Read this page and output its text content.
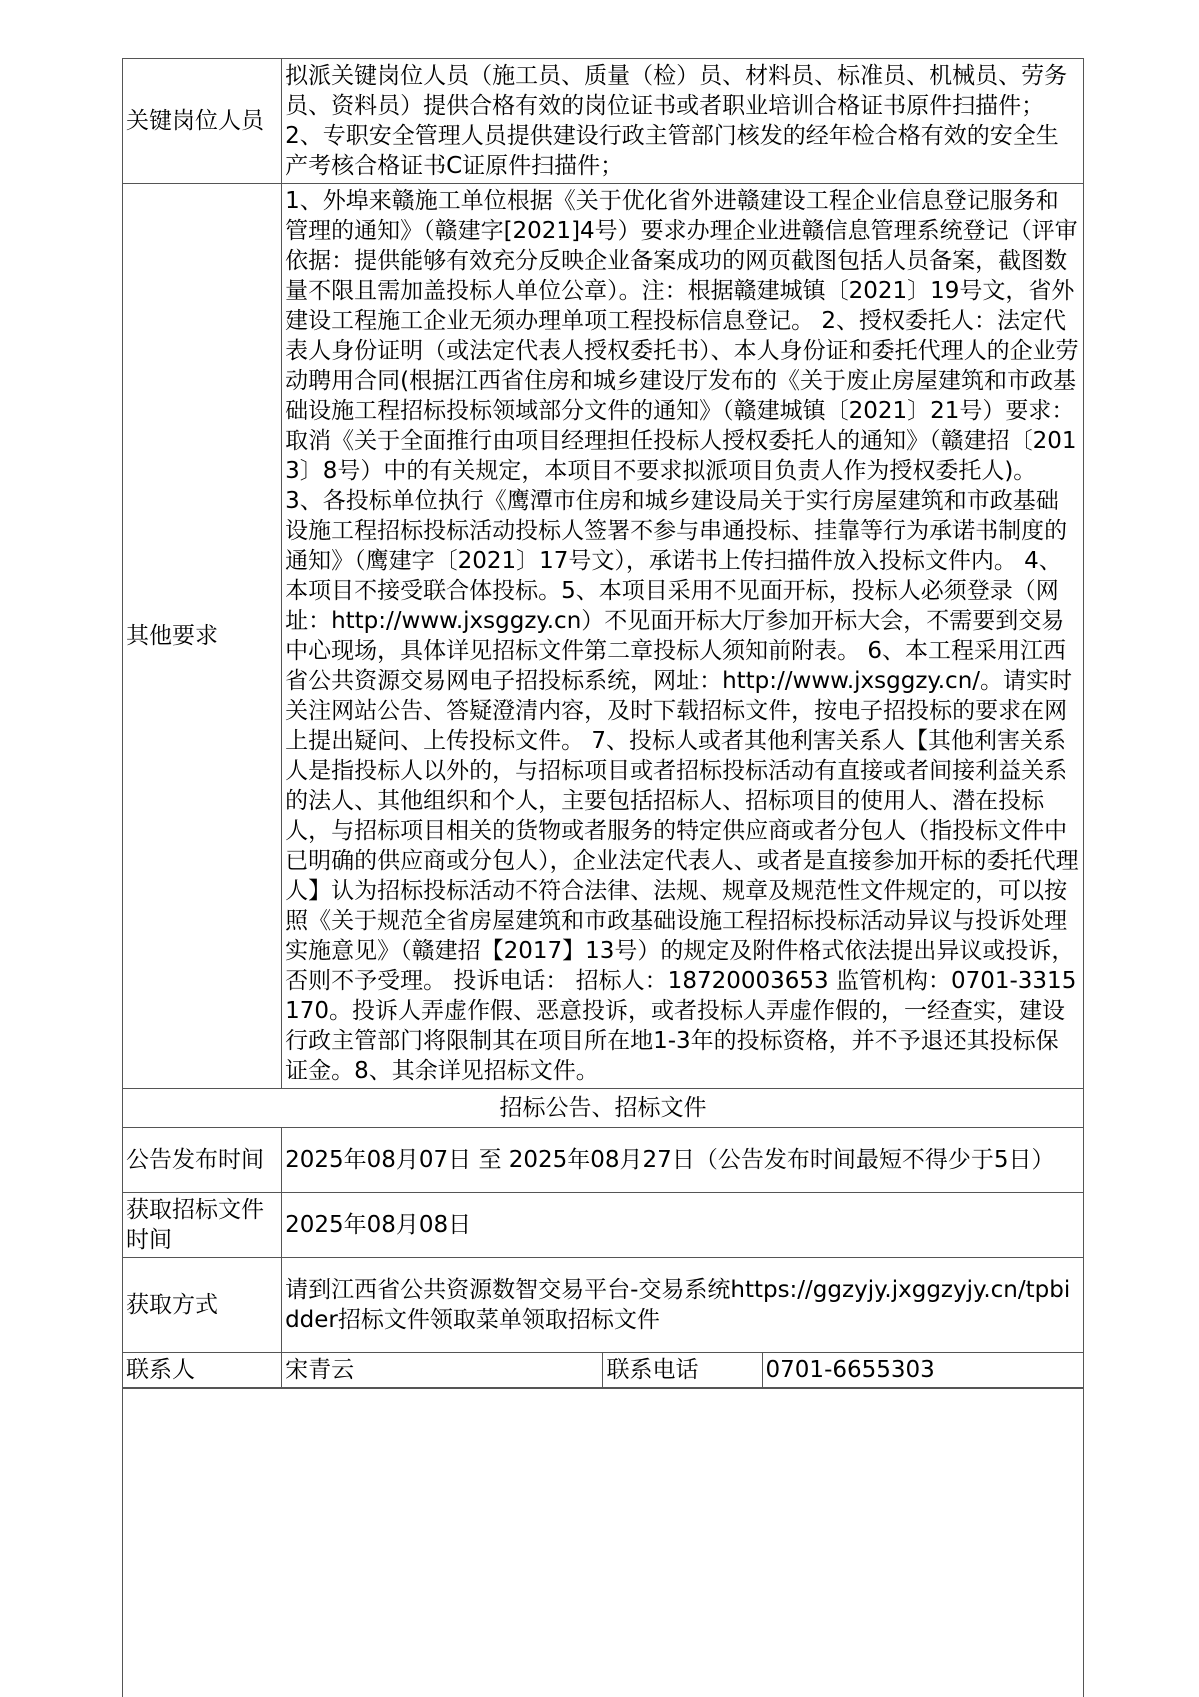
关键岗位人员	拟派关键岗位人员（施工员、质量（检）员、材料员、标准员、机械员、劳务员、资料员）提供合格有效的岗位证书或者职业培训合格证书原件扫描件；2、专职安全管理人员提供建设行政主管部门核发的经年检合格有效的安全生产考核合格证书C证原件扫描件；		
其他要求	1、外埠来赣施工单位根据《关于优化省外进赣建设工程企业信息登记服务和管理的通知》（赣建字[2021]4号）要求办理企业进赣信息管理系统登记（评审依据：提供能够有效充分反映企业备案成功的网页截图包括人员备案，截图数量不限且需加盖投标人单位公章）。注：根据赣建城镇〔2021〕19号文，省外建设工程施工企业无须办理单项工程投标信息登记。 2、授权委托人：法定代表人身份证明（或法定代表人授权委托书）、本人身份证和委托代理人的企业劳动聘用合同(根据江西省住房和城乡建设厅发布的《关于废止房屋建筑和市政基础设施工程招标投标领域部分文件的通知》（赣建城镇〔2021〕21号）要求：取消《关于全面推行由项目经理担任投标人授权委托人的通知》（赣建招〔2013〕8号）中的有关规定，本项目不要求拟派项目负责人作为授权委托人)。 3、各投标单位执行《鹰潭市住房和城乡建设局关于实行房屋建筑和市政基础设施工程招标投标活动投标人签署不参与串通投标、挂靠等行为承诺书制度的通知》（鹰建字〔2021〕17号文），承诺书上传扫描件放入投标文件内。 4、本项目不接受联合体投标。5、本项目采用不见面开标，投标人必须登录（网址：http://www.jxsggzy.cn）不见面开标大厅参加开标大会，不需要到交易中心现场，具体详见招标文件第二章投标人须知前附表。 6、本工程采用江西省公共资源交易网电子招投标系统，网址：http://www.jxsggzy.cn/。请实时关注网站公告、答疑澄清内容，及时下载招标文件，按电子招投标的要求在网上提出疑问、上传投标文件。 7、投标人或者其他利害关系人【其他利害关系人是指投标人以外的，与招标项目或者招标投标活动有直接或者间接利益关系的法人、其他组织和个人，主要包括招标人、招标项目的使用人、潜在投标人，与招标项目相关的货物或者服务的特定供应商或者分包人（指投标文件中已明确的供应商或分包人），企业法定代表人、或者是直接参加开标的委托代理人】认为招标投标活动不符合法律、法规、规章及规范性文件规定的，可以按照《关于规范全省房屋建筑和市政基础设施工程招标投标活动异议与投诉处理实施意见》（赣建招【2017】13号）的规定及附件格式依法提出异议或投诉，否则不予受理。 投诉电话： 招标人：18720003653 监管机构：0701-3315170。投诉人弄虚作假、恶意投诉，或者投标人弄虚作假的，一经查实，建设行政主管部门将限制其在项目所在地1-3年的投标资格，并不予退还其投标保证金。8、其余详见招标文件。		
招标公告、招标文件			
公告发布时间	2025年08月07日 至 2025年08月27日（公告发布时间最短不得少于5日）		
获取招标文件时间	2025年08月08日		
获取方式	请到江西省公共资源数智交易平台-交易系统https://ggzyjy.jxggzyjy.cn/tpbidder招标文件领取菜单领取招标文件		
联系人	宋青云	联系电话	0701-6655303
